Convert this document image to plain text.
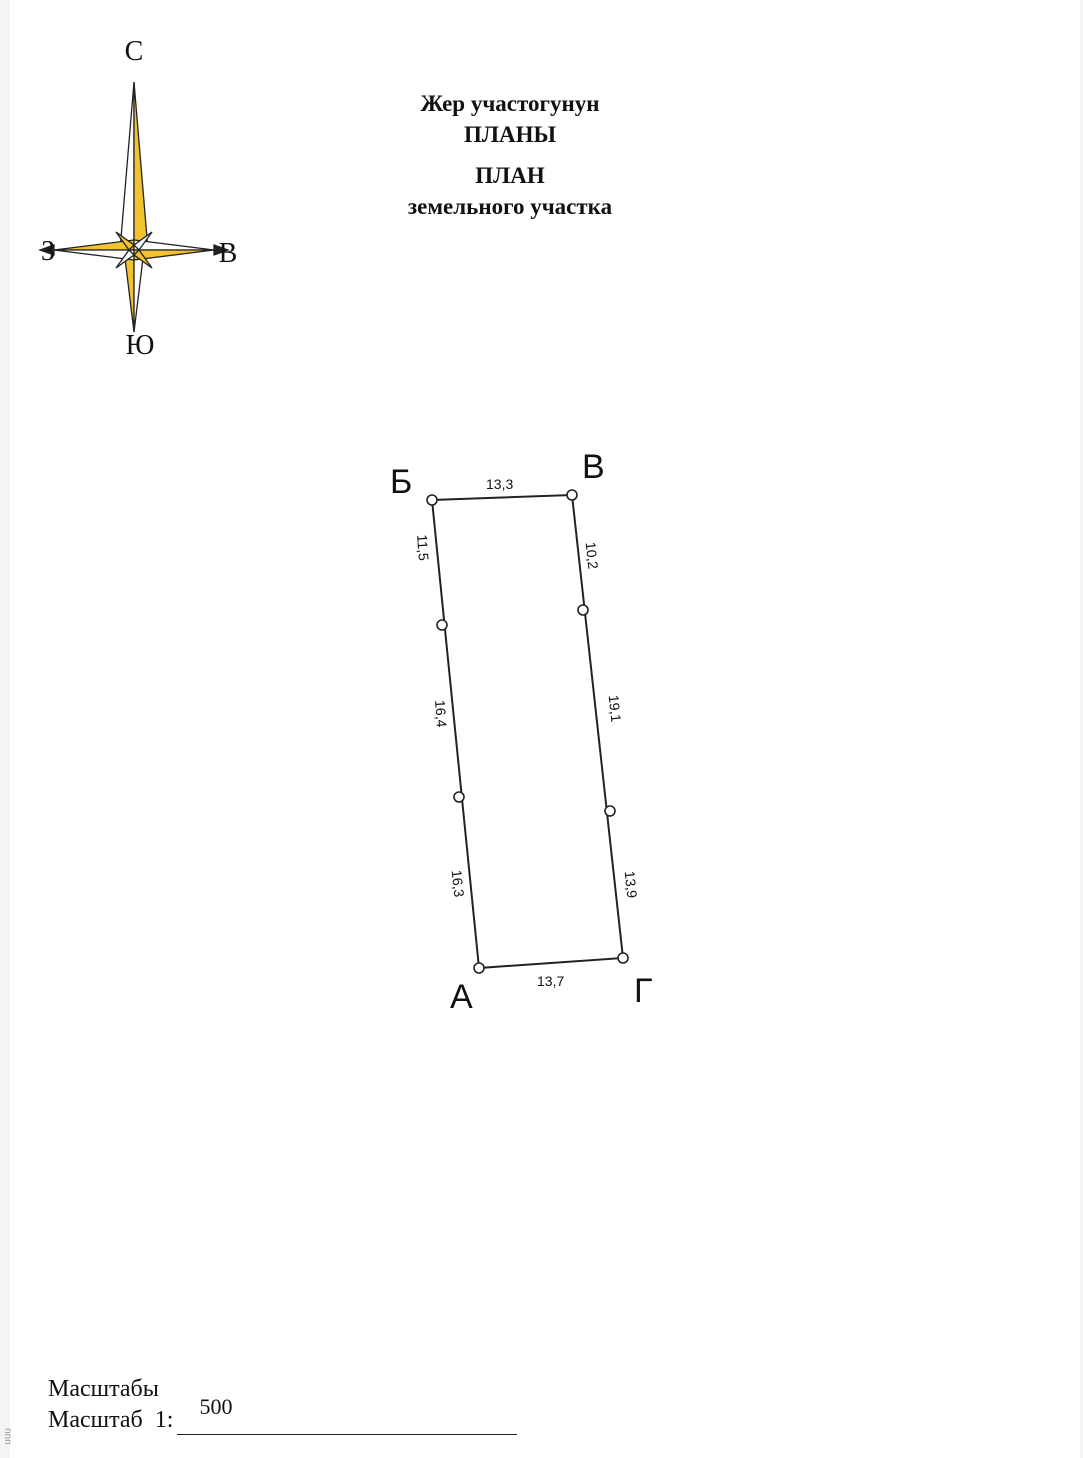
nnn
С
Ю
З	В
Жер участогунун
ПЛАНЫ
ПЛАН
земельного участка
Б	В
А	Г
13,3
13,7
11,5
16,4
16,3
10,2
19,1
13,9
Масштабы
Масштаб
1:
500
